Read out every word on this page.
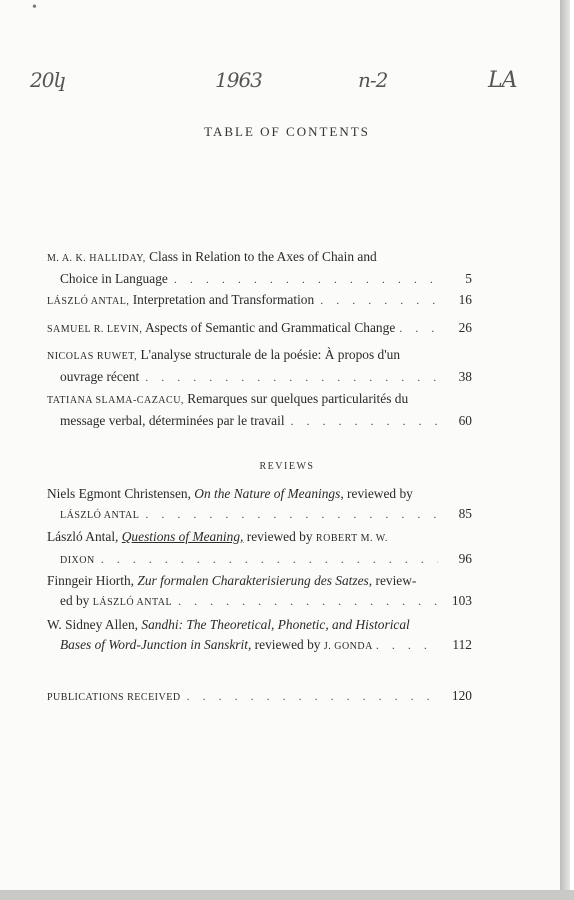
•
20կ	1963	n-2	LA
TABLE OF CONTENTS
M. A. K. HALLIDAY, Class in Relation to the Axes of Chain and
Choice in Language . . .	5
LÁSZLÓ ANTAL, Interpretation and Transformation . . .	16
SAMUEL R. LEVIN, Aspects of Semantic and Grammatical Change . . .	26
NICOLAS RUWET, L'analyse structurale de la poésie: À propos d'un
ouvrage récent . . .	38
TATIANA SLAMA-CAZACU, Remarques sur quelques particularités du
message verbal, déterminées par le travail . . .	60
REVIEWS
Niels Egmont Christensen, On the Nature of Meanings, reviewed by
LÁSZLÓ ANTAL . . .	85
László Antal, Questions of Meaning, reviewed by ROBERT M. W.
DIXON . . .	96
Finngeir Hiorth, Zur formalen Charakterisierung des Satzes, review-
ed by LÁSZLÓ ANTAL . . .	103
W. Sidney Allen, Sandhi: The Theoretical, Phonetic, and Historical
Bases of Word-Junction in Sanskrit, reviewed by J. GONDA . . .	112
PUBLICATIONS RECEIVED . . .	120
